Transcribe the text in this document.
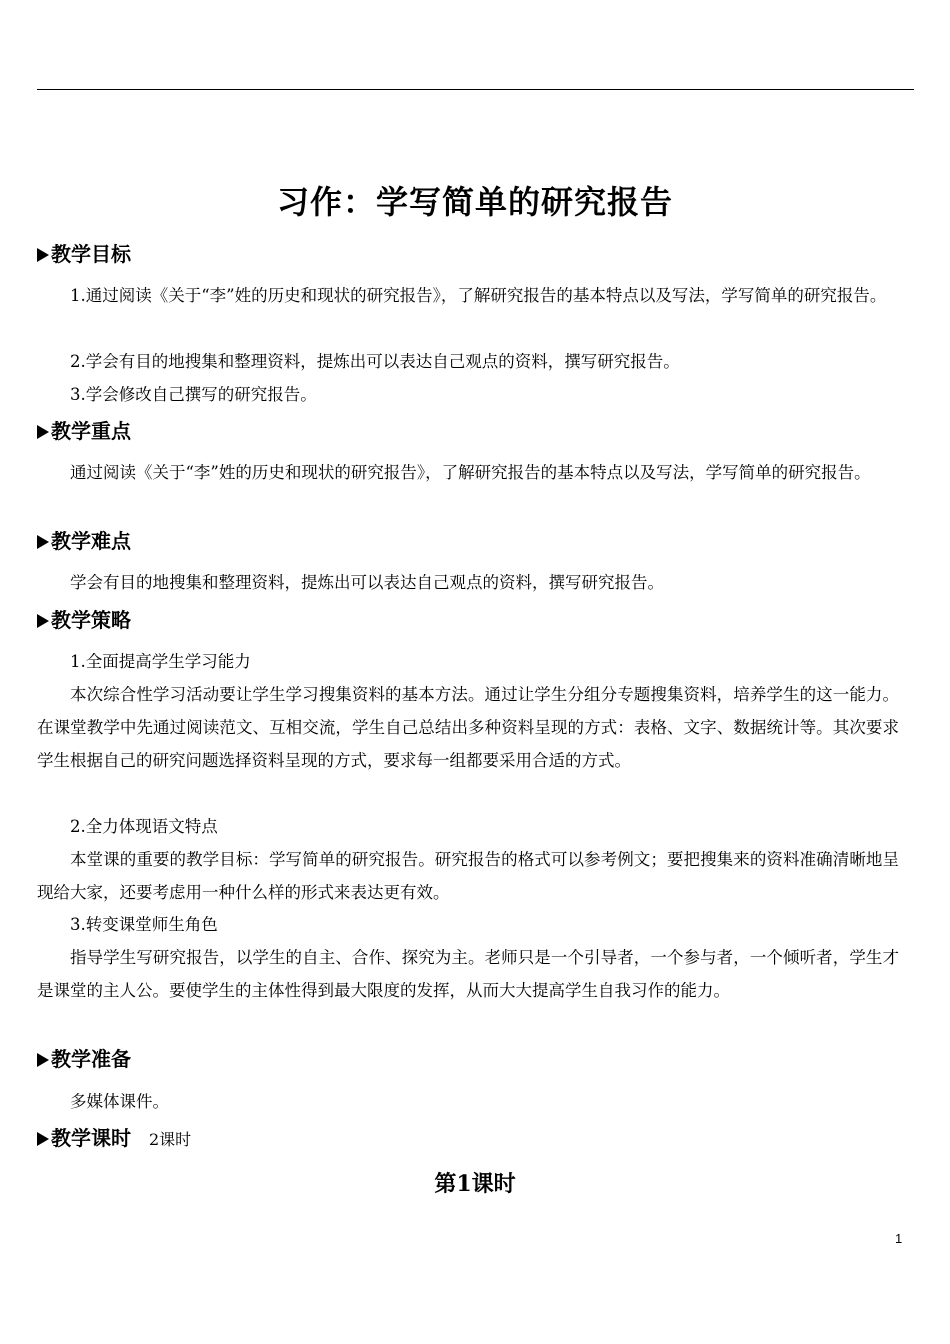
习作：学写简单的研究报告
教学目标

1.通过阅读《关于“李”姓的历史和现状的研究报告》，了解研究报告的基本特点以及写法，学写简单的研究报告。

2.学会有目的地搜集和整理资料，提炼出可以表达自己观点的资料，撰写研究报告。

3.学会修改自己撰写的研究报告。

教学重点

通过阅读《关于“李”姓的历史和现状的研究报告》，了解研究报告的基本特点以及写法，学写简单的研究报告。

教学难点

学会有目的地搜集和整理资料，提炼出可以表达自己观点的资料，撰写研究报告。

教学策略

1.全面提高学生学习能力

本次综合性学习活动要让学生学习搜集资料的基本方法。通过让学生分组分专题搜集资料，培养学生的这一能力。在课堂教学中先通过阅读范文、互相交流，学生自己总结出多种资料呈现的方式：表格、文字、数据统计等。其次要求学生根据自己的研究问题选择资料呈现的方式，要求每一组都要采用合适的方式。

2.全力体现语文特点

本堂课的重要的教学目标：学写简单的研究报告。研究报告的格式可以参考例文；要把搜集来的资料准确清晰地呈现给大家，还要考虑用一种什么样的形式来表达更有效。

3.转变课堂师生角色

指导学生写研究报告，以学生的自主、合作、探究为主。老师只是一个引导者，一个参与者，一个倾听者，学生才是课堂的主人公。要使学生的主体性得到最大限度的发挥，从而大大提高学生自我习作的能力。

教学准备

多媒体课件。

教学课时 2课时
第1课时
1
